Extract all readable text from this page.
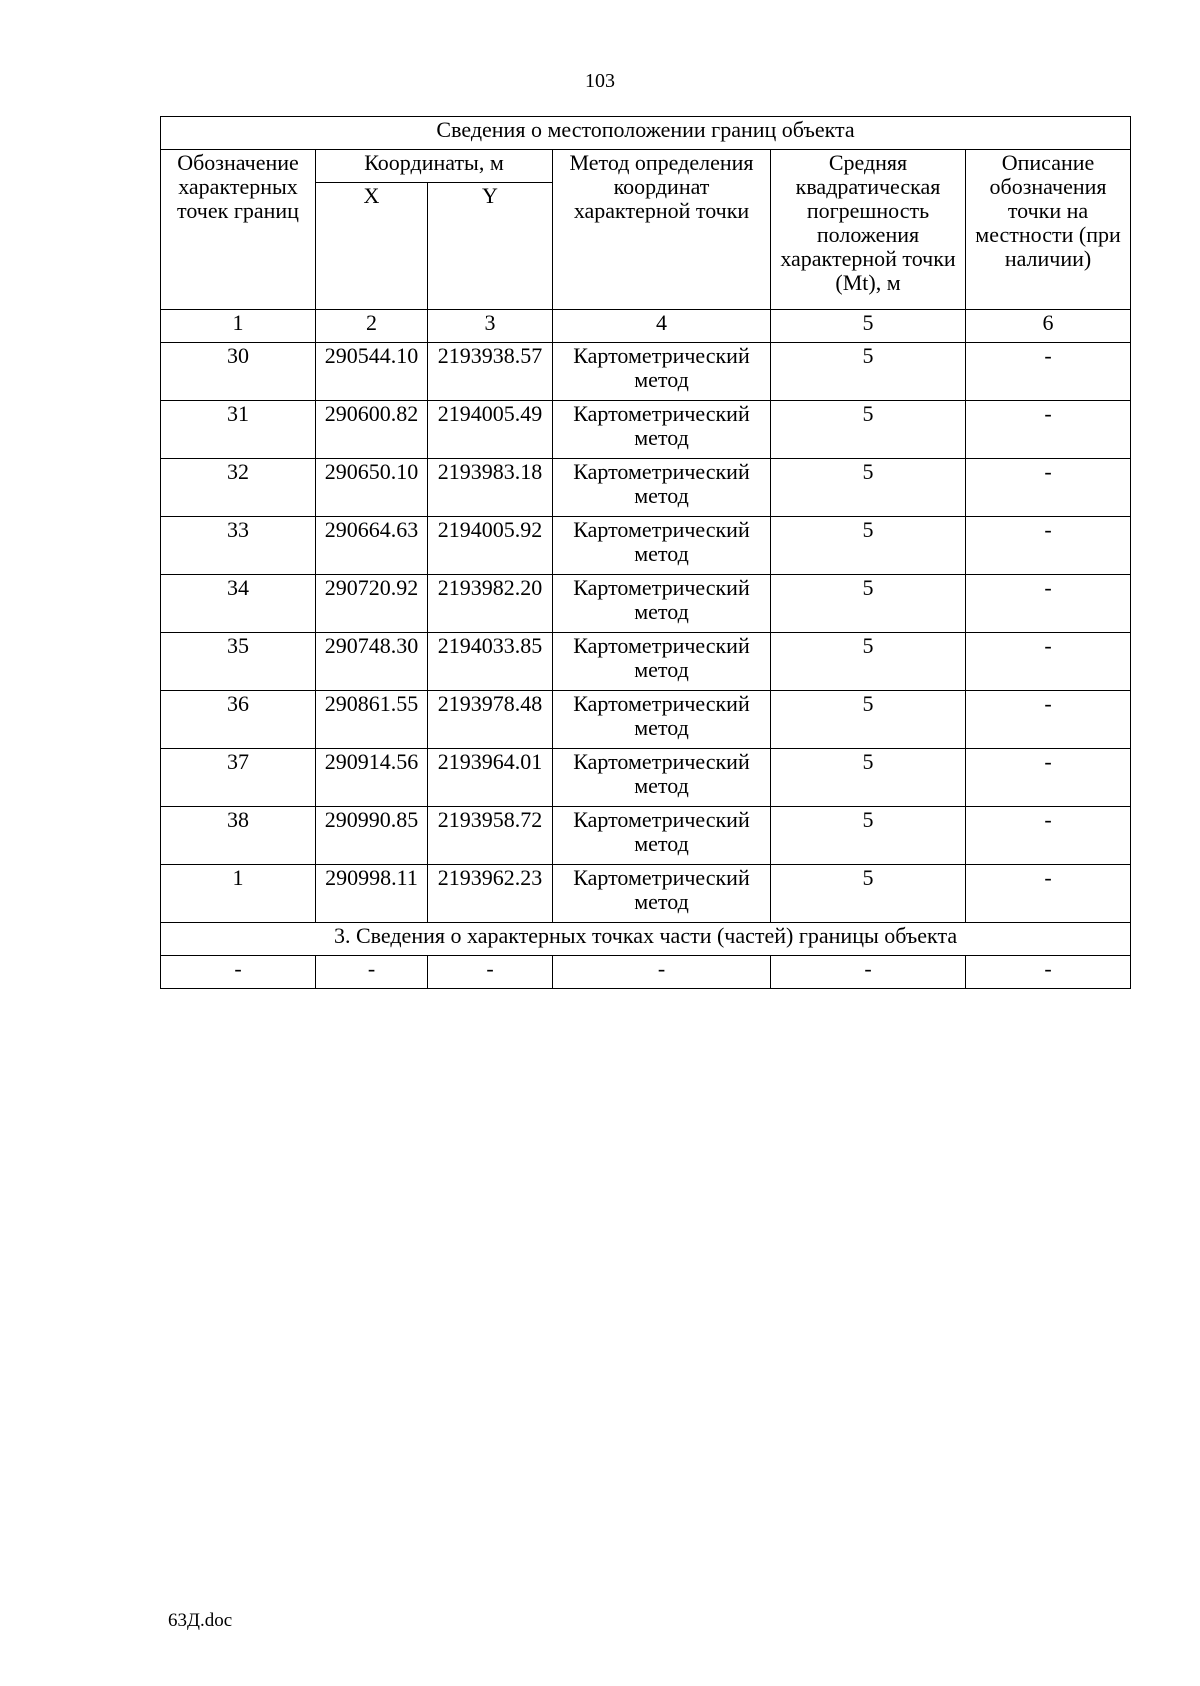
103
Сведения о местоположении границ объекта					
Обозначение характерных точек границ	Координаты, м		Метод определения координат характерной точки	Средняя квадратическая погрешность положения характерной точки (Mt), м	Описание обозначения точки на местности (при наличии)
	X	Y			
1	2	3	4	5	6
30	290544.10	2193938.57	Картометрический метод	5	-
31	290600.82	2194005.49	Картометрический метод	5	-
32	290650.10	2193983.18	Картометрический метод	5	-
33	290664.63	2194005.92	Картометрический метод	5	-
34	290720.92	2193982.20	Картометрический метод	5	-
35	290748.30	2194033.85	Картометрический метод	5	-
36	290861.55	2193978.48	Картометрический метод	5	-
37	290914.56	2193964.01	Картометрический метод	5	-
38	290990.85	2193958.72	Картометрический метод	5	-
1	290998.11	2193962.23	Картометрический метод	5	-
3. Сведения о характерных точках части (частей) границы объекта					
-	-	-	-	-	-
63Д.doc
